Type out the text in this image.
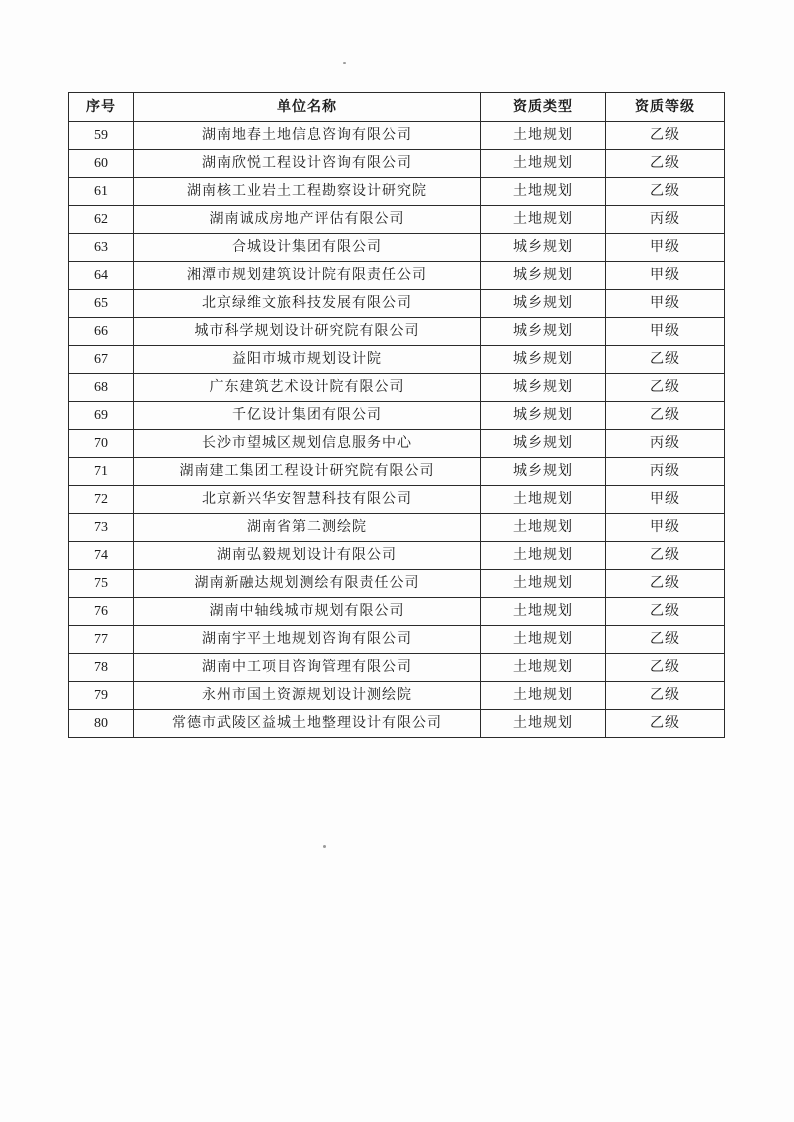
序号	单位名称	资质类型	资质等级
59	湖南地春土地信息咨询有限公司	土地规划	乙级
60	湖南欣悦工程设计咨询有限公司	土地规划	乙级
61	湖南核工业岩土工程勘察设计研究院	土地规划	乙级
62	湖南诚成房地产评估有限公司	土地规划	丙级
63	合城设计集团有限公司	城乡规划	甲级
64	湘潭市规划建筑设计院有限责任公司	城乡规划	甲级
65	北京绿维文旅科技发展有限公司	城乡规划	甲级
66	城市科学规划设计研究院有限公司	城乡规划	甲级
67	益阳市城市规划设计院	城乡规划	乙级
68	广东建筑艺术设计院有限公司	城乡规划	乙级
69	千亿设计集团有限公司	城乡规划	乙级
70	长沙市望城区规划信息服务中心	城乡规划	丙级
71	湖南建工集团工程设计研究院有限公司	城乡规划	丙级
72	北京新兴华安智慧科技有限公司	土地规划	甲级
73	湖南省第二测绘院	土地规划	甲级
74	湖南弘毅规划设计有限公司	土地规划	乙级
75	湖南新融达规划测绘有限责任公司	土地规划	乙级
76	湖南中轴线城市规划有限公司	土地规划	乙级
77	湖南宇平土地规划咨询有限公司	土地规划	乙级
78	湖南中工项目咨询管理有限公司	土地规划	乙级
79	永州市国土资源规划设计测绘院	土地规划	乙级
80	常德市武陵区益城土地整理设计有限公司	土地规划	乙级
